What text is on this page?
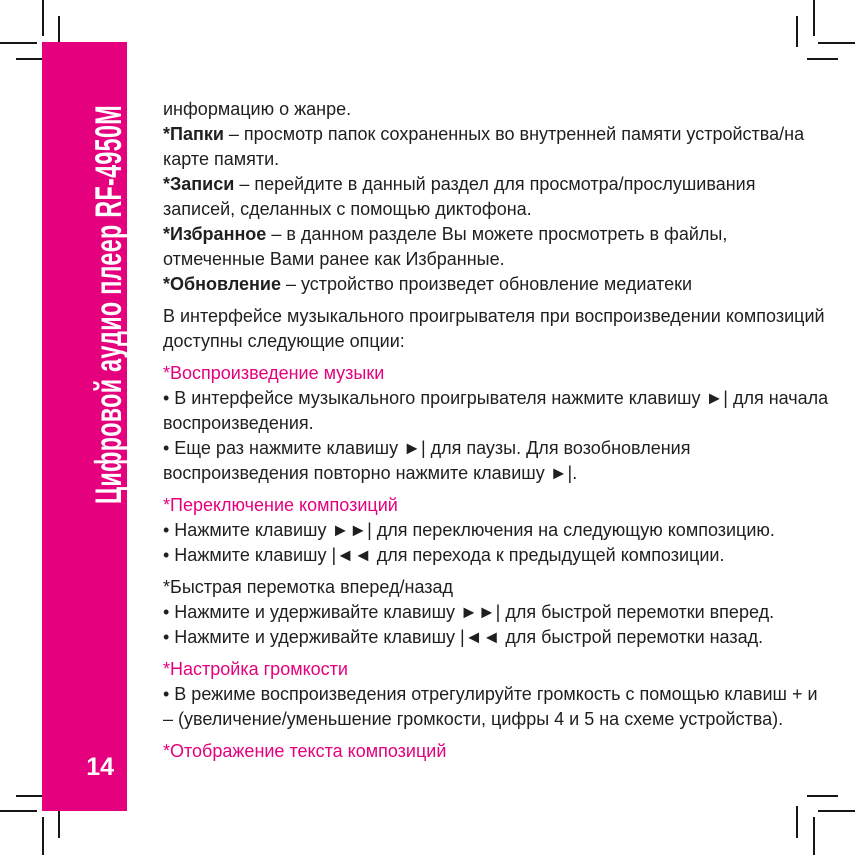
Цифровой аудио плеер RF-4950M
14
информацию о жанре.
*Папки – просмотр папок сохраненных во внутренней памяти устройства/на
карте памяти.
*Записи – перейдите в данный раздел для просмотра/прослушивания
записей, сделанных с помощью диктофона.
*Избранное – в данном разделе Вы можете просмотреть в файлы,
отмеченные Вами ранее как Избранные.
*Обновление – устройство произведет обновление медиатеки
В интерфейсе музыкального проигрывателя при воспроизведении композиций
доступны следующие опции:
*Воспроизведение музыки
• В интерфейсе музыкального проигрывателя нажмите клавишу ►| для начала
воспроизведения.
• Еще раз нажмите клавишу ►| для паузы. Для возобновления
воспроизведения повторно нажмите клавишу ►|.
*Переключение композиций
• Нажмите клавишу ►►| для переключения на следующую композицию.
• Нажмите клавишу |◄◄ для перехода к предыдущей композиции.
*Быстрая перемотка вперед/назад
• Нажмите и удерживайте клавишу ►►| для быстрой перемотки вперед.
• Нажмите и удерживайте клавишу |◄◄ для быстрой перемотки назад.
*Настройка громкости
• В режиме воспроизведения отрегулируйте громкость с помощью клавиш + и
– (увеличение/уменьшение громкости, цифры 4 и 5 на схеме устройства).
*Отображение текста композиций
